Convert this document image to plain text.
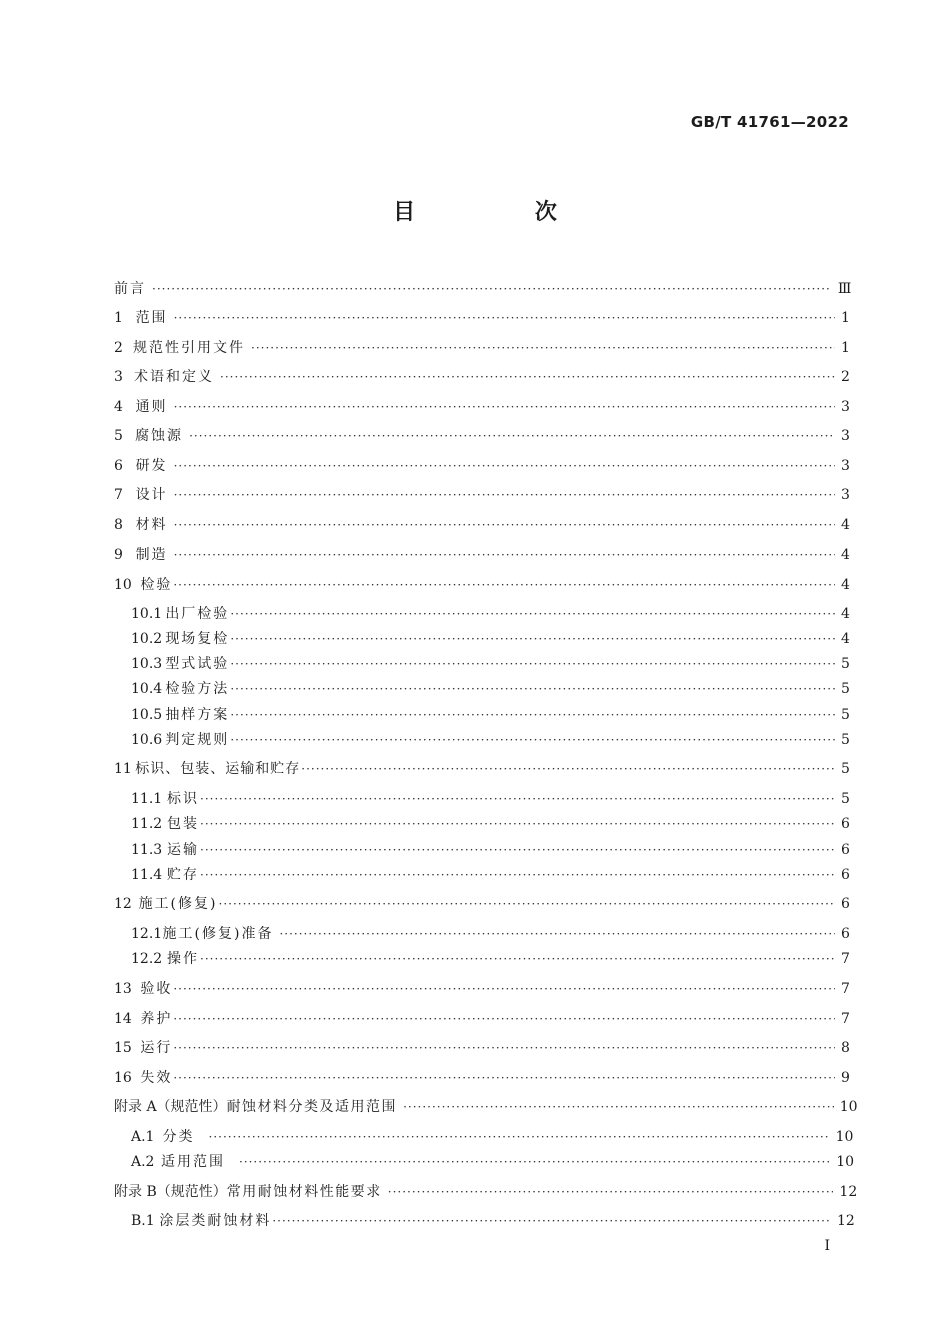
GB/T 41761—2022
目 次
前言 ·····	Ⅲ
1 范围 ·····	1
2 规范性引用文件 ·····	1
3 术语和定义 ·····	2
4 通则 ·····	3
5 腐蚀源 ·····	3
6 研发 ·····	3
7 设计 ·····	3
8 材料 ·····	4
9 制造 ·····	4
10 检验 ·····	4
10.1 出厂检验 ·····	4
10.2 现场复检 ·····	4
10.3 型式试验 ·····	5
10.4 检验方法 ·····	5
10.5 抽样方案 ·····	5
10.6 判定规则 ·····	5
11 标识、包装、运输和贮存 ·····	5
11.1 标识 ·····	5
11.2 包装 ·····	6
11.3 运输 ·····	6
11.4 贮存 ·····	6
12 施工(修复) ·····	6
12.1 施工(修复)准备 ·····	6
12.2 操作 ·····	7
13 验收 ·····	7
14 养护 ·····	7
15 运行 ·····	8
16 失效 ·····	9
附录 A（规范性） 耐蚀材料分类及适用范围 ·····	10
A.1 分类 ·····	10
A.2 适用范围 ·····	10
附录 B（规范性） 常用耐蚀材料性能要求 ·····	12
B.1 涂层类耐蚀材料 ·····	12
I
